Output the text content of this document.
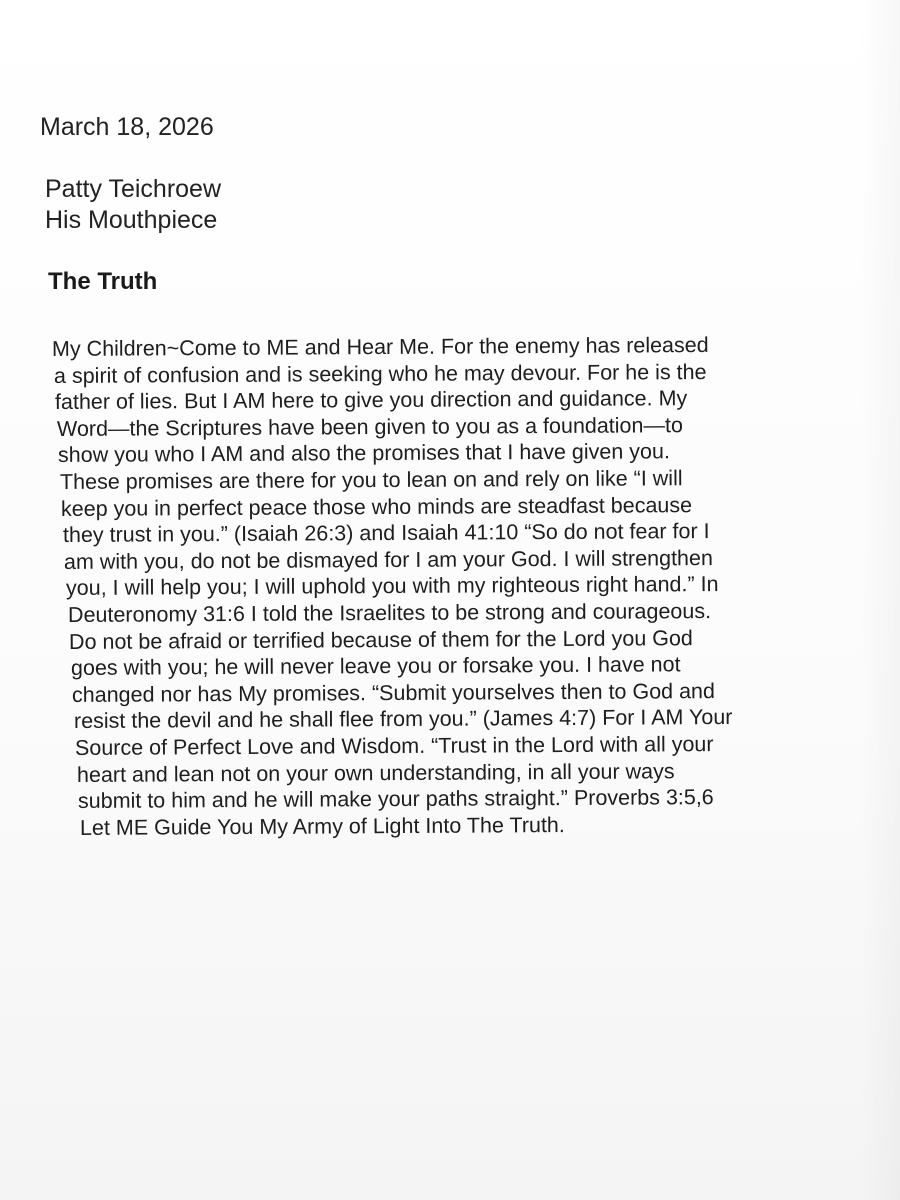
March 18, 2026
Patty Teichroew
His Mouthpiece
The Truth
My Children~Come to ME and Hear Me. For the enemy has released
a spirit of confusion and is seeking who he may devour. For he is the
father of lies. But I AM here to give you direction and guidance. My
Word—the Scriptures have been given to you as a foundation—to
show you who I AM and also the promises that I have given you.
These promises are there for you to lean on and rely on like “I will
keep you in perfect peace those who minds are steadfast because
they trust in you.” (Isaiah 26:3) and Isaiah 41:10 “So do not fear for I
am with you, do not be dismayed for I am your God. I will strengthen
you, I will help you; I will uphold you with my righteous right hand.” In
Deuteronomy 31:6 I told the Israelites to be strong and courageous.
Do not be afraid or terrified because of them for the Lord you God
goes with you; he will never leave you or forsake you. I have not
changed nor has My promises. “Submit yourselves then to God and
resist the devil and he shall flee from you.” (James 4:7) For I AM Your
Source of Perfect Love and Wisdom. “Trust in the Lord with all your
heart and lean not on your own understanding, in all your ways
submit to him and he will make your paths straight.” Proverbs 3:5,6
Let ME Guide You My Army of Light Into The Truth.
